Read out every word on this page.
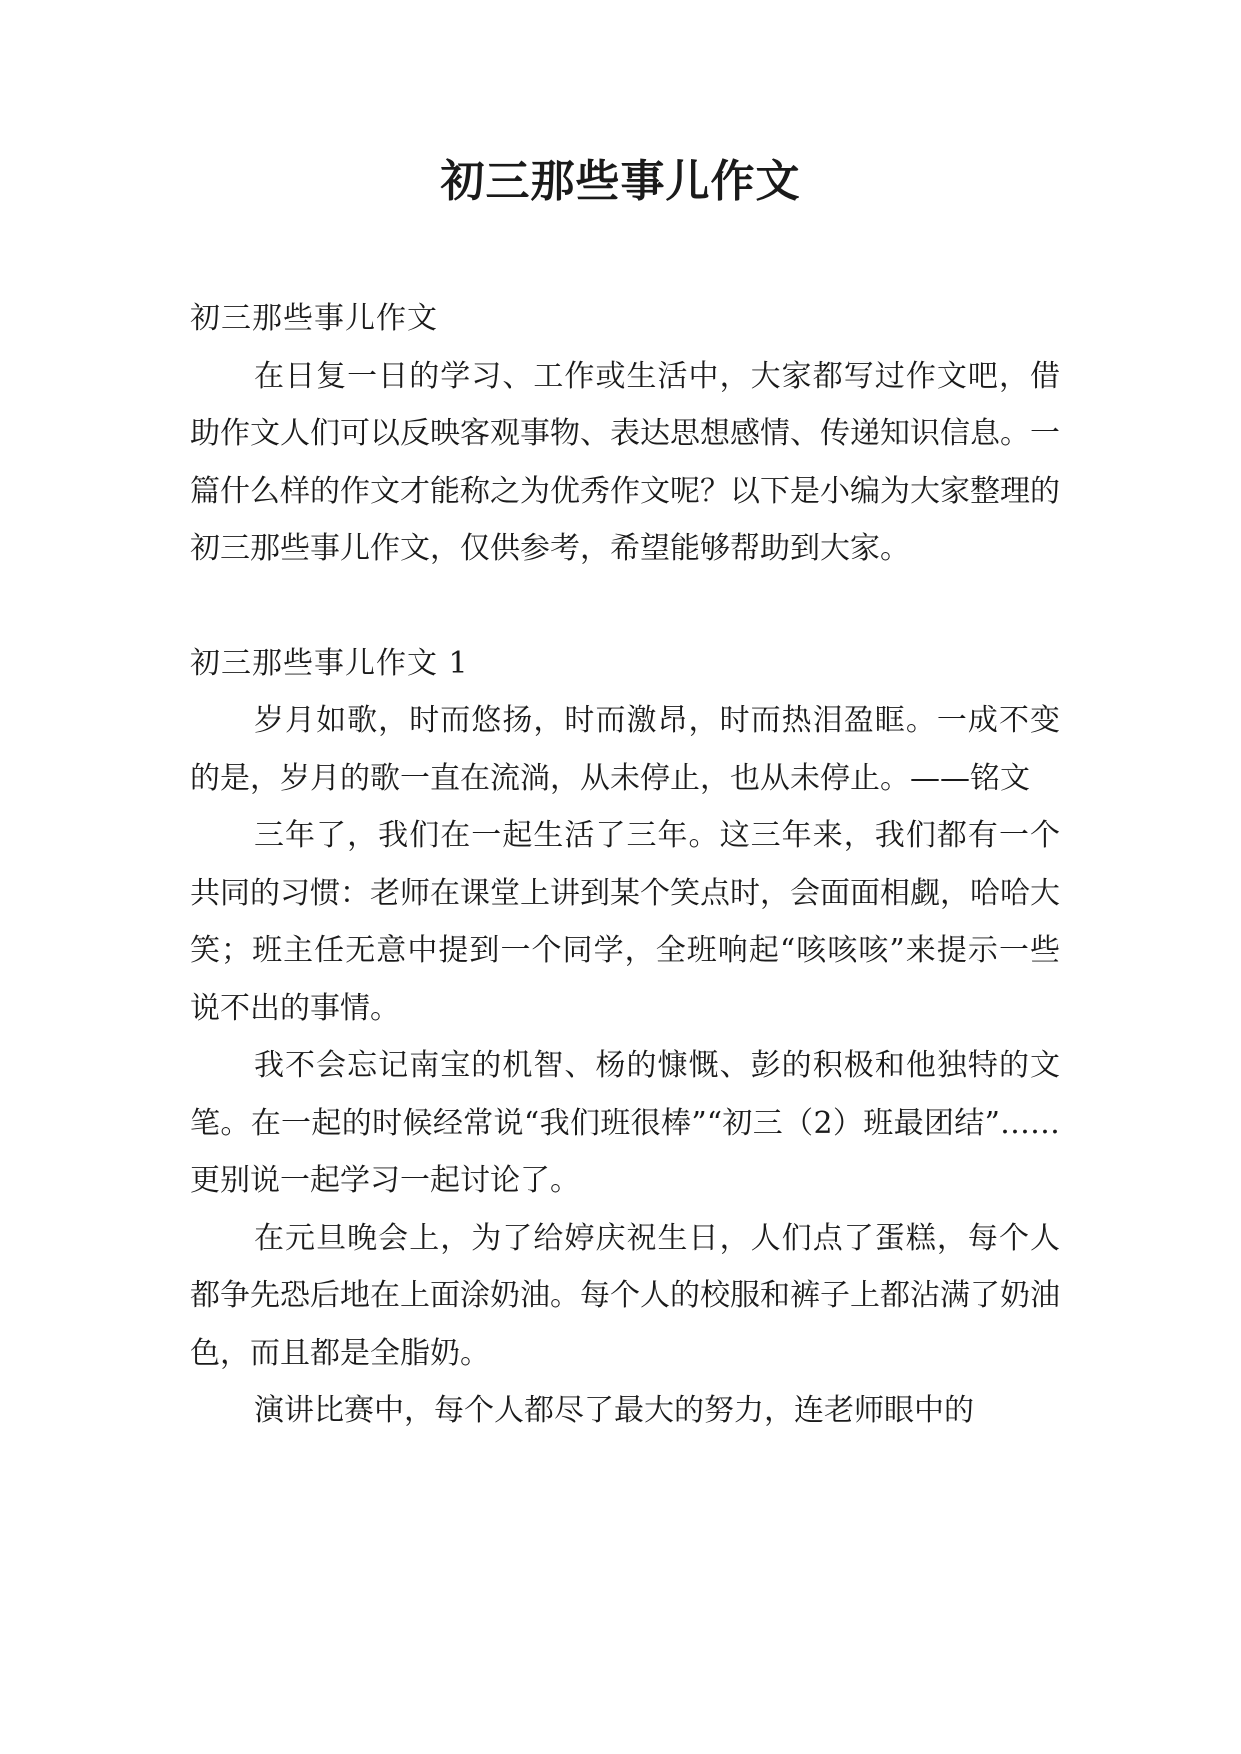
初三那些事儿作文

初三那些事儿作文

在日复一日的学习、工作或生活中，大家都写过作文吧，借助作文人们可以反映客观事物、表达思想感情、传递知识信息。一篇什么样的作文才能称之为优秀作文呢？以下是小编为大家整理的初三那些事儿作文，仅供参考，希望能够帮助到大家。

初三那些事儿作文 1

岁月如歌，时而悠扬，时而激昂，时而热泪盈眶。一成不变的是，岁月的歌一直在流淌，从未停止，也从未停止。——铭文

三年了，我们在一起生活了三年。这三年来，我们都有一个共同的习惯：老师在课堂上讲到某个笑点时，会面面相觑，哈哈大笑；班主任无意中提到一个同学，全班响起“咳咳咳”来提示一些说不出的事情。

我不会忘记南宝的机智、杨的慷慨、彭的积极和他独特的文笔。在一起的时候经常说“我们班很棒”“初三（2）班最团结”……更别说一起学习一起讨论了。

在元旦晚会上，为了给婷庆祝生日，人们点了蛋糕，每个人都争先恐后地在上面涂奶油。每个人的校服和裤子上都沾满了奶油色，而且都是全脂奶。

演讲比赛中，每个人都尽了最大的努力，连老师眼中的
